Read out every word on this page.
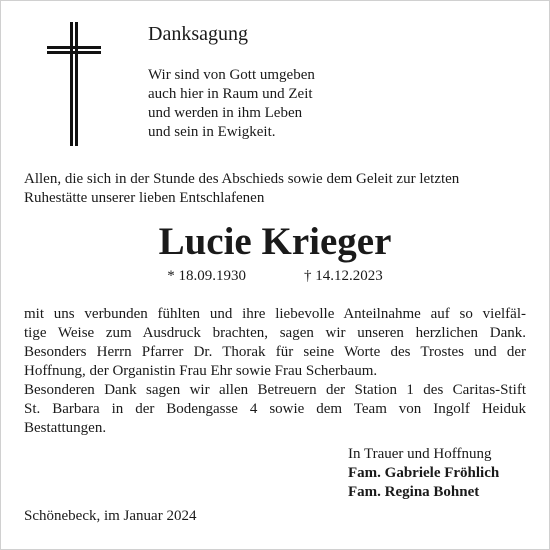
Danksagung
Wir sind von Gott umgeben
auch hier in Raum und Zeit
und werden in ihm Leben
und sein in Ewigkeit.
Allen, die sich in der Stunde des Abschieds sowie dem Geleit zur letzten
Ruhestätte unserer lieben Entschlafenen
Lucie Krieger
* 18.09.1930	† 14.12.2023
mit uns verbunden fühlten und ihre liebevolle Anteilnahme auf so vielfäl-
tige Weise zum Ausdruck brachten, sagen wir unseren herzlichen Dank.
Besonders Herrn Pfarrer Dr. Thorak für seine Worte des Trostes und der
Hoffnung, der Organistin Frau Ehr sowie Frau Scherbaum.
Besonderen Dank sagen wir allen Betreuern der Station 1 des Caritas-Stift
St. Barbara in der Bodengasse 4 sowie dem Team von Ingolf Heiduk
Bestattungen.
In Trauer und Hoffnung
Fam. Gabriele Fröhlich
Fam. Regina Bohnet
Schönebeck, im Januar 2024
